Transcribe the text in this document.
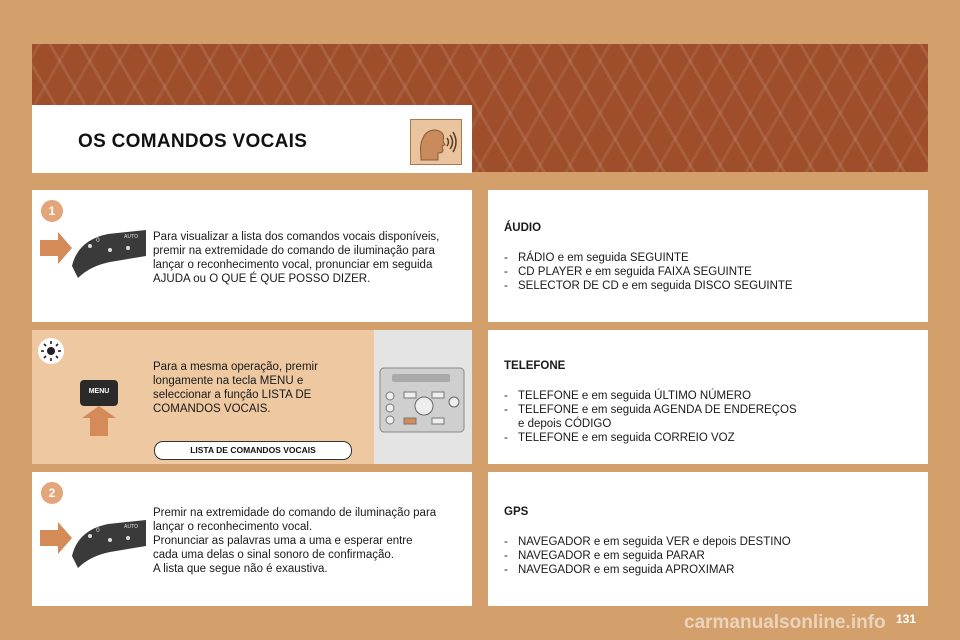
OS COMANDOS VOCAIS
1
0	AUTO Para visualizar a lista dos comandos vocais disponíveis,
premir na extremidade do comando de iluminação para
lançar o reconhecimento vocal, pronunciar em seguida
AJUDA ou O QUE É QUE POSSO DIZER.
MENU
Para a mesma operação, premir
longamente na tecla MENU e
seleccionar a função LISTA DE
COMANDOS VOCAIS.
LISTA DE COMANDOS VOCAIS
2
0	AUTO
Premir na extremidade do comando de iluminação para
lançar o reconhecimento vocal.
Pronunciar as palavras uma a uma e esperar entre
cada uma delas o sinal sonoro de confirmação.
A lista que segue não é exaustiva.
ÁUDIO
- RÁDIO e em seguida SEGUINTE
- CD PLAYER e em seguida FAIXA SEGUINTE
- SELECTOR DE CD e em seguida DISCO SEGUINTE
TELEFONE
- TELEFONE e em seguida ÚLTIMO NÚMERO
- TELEFONE e em seguida AGENDA DE ENDEREÇOS
e depois CÓDIGO
- TELEFONE e em seguida CORREIO VOZ
GPS
- NAVEGADOR e em seguida VER e depois DESTINO
- NAVEGADOR e em seguida PARAR
- NAVEGADOR e em seguida APROXIMAR
carmanualsonline.info 131
